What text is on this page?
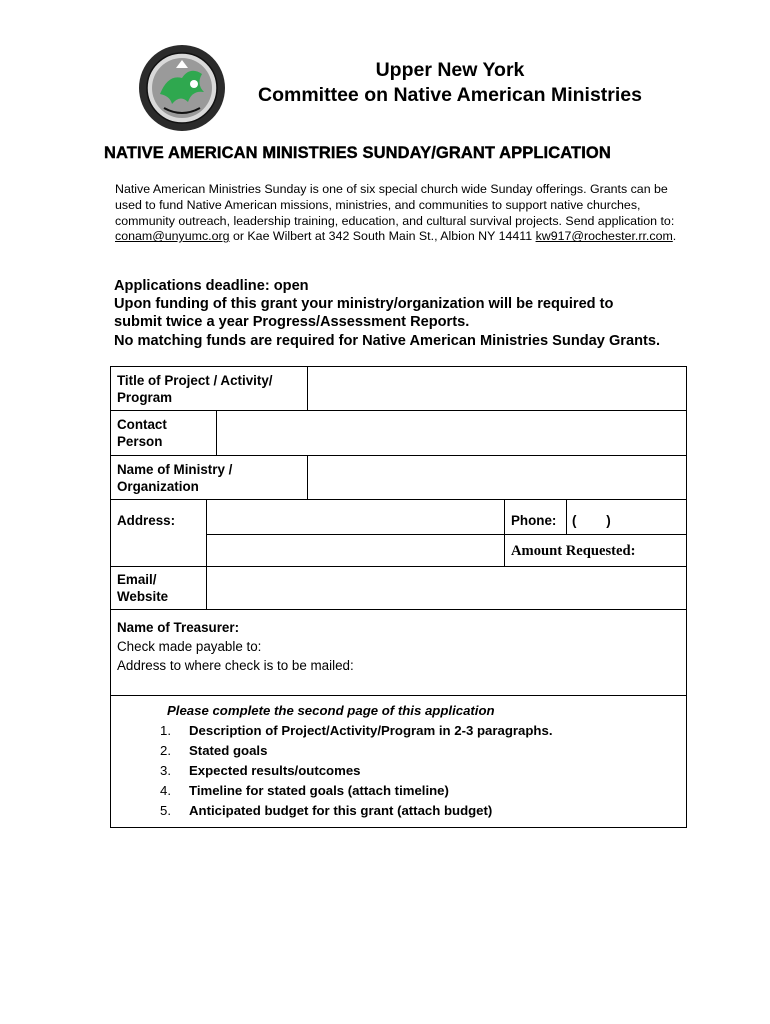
Upper New York
Committee on Native American Ministries
NATIVE AMERICAN MINISTRIES SUNDAY/GRANT APPLICATION
Native American Ministries Sunday is one of six special church wide Sunday offerings. Grants can be
used to fund Native American missions, ministries, and communities to support native churches,
community outreach, leadership training, education, and cultural survival projects. Send application to:
conam@unyumc.org or Kae Wilbert at 342 South Main St., Albion NY 14411 kw917@rochester.rr.com.
Applications deadline: open
Upon funding of this grant your ministry/organization will be required to
submit twice a year Progress/Assessment Reports.
No matching funds are required for Native American Ministries Sunday Grants.
Title of Project / Activity/
Program
Contact
Person
Name of Ministry /
Organization
Address:	Phone: (        )
Amount Requested:
Email/
Website
Name of Treasurer:
Check made payable to:
Address to where check is to be mailed:
Please complete the second page of this application
1. Description of Project/Activity/Program in 2-3 paragraphs.
2. Stated goals
3. Expected results/outcomes
4. Timeline for stated goals (attach timeline)
5. Anticipated budget for this grant (attach budget)
